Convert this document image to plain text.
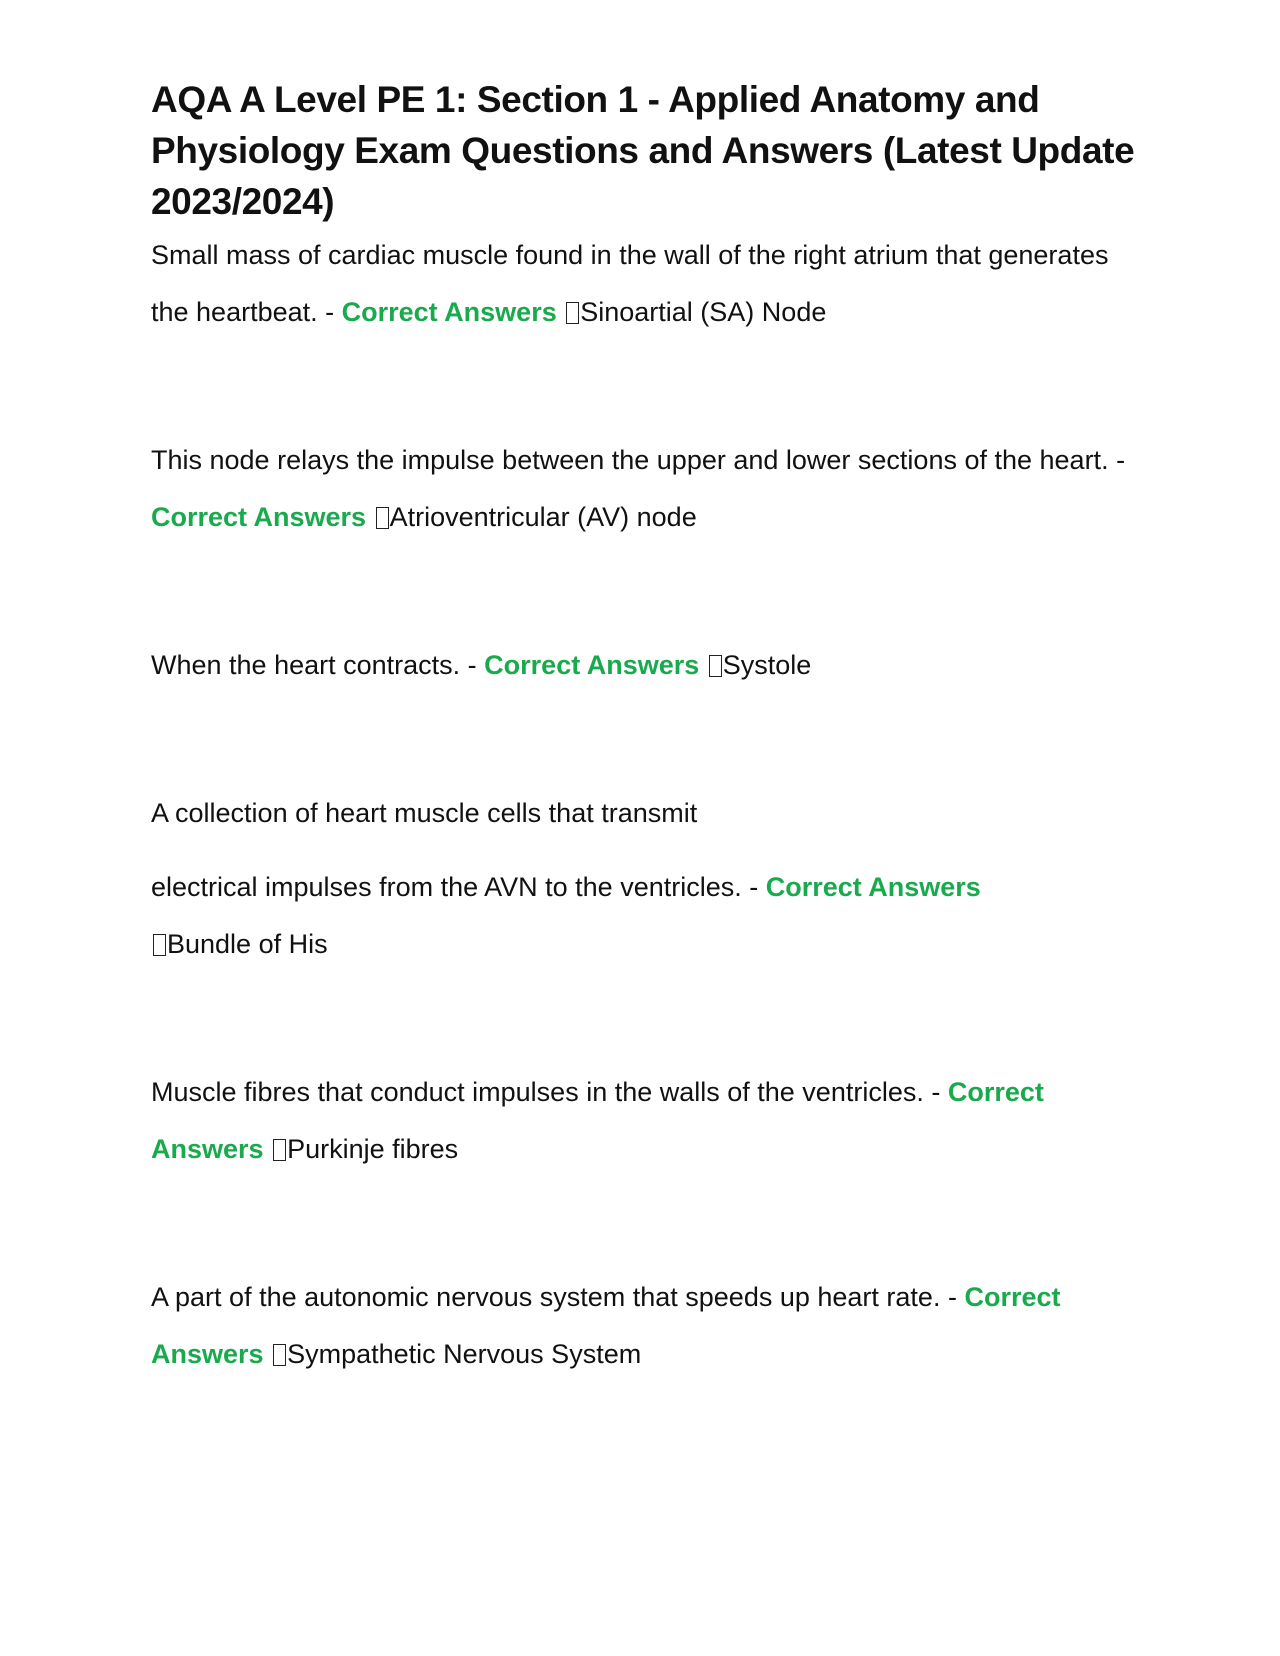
AQA A Level PE 1: Section 1 - Applied Anatomy and Physiology Exam Questions and Answers (Latest Update 2023/2024)

Small mass of cardiac muscle found in the wall of the right atrium that generates the heartbeat. - Correct Answers Sinoartial (SA) Node

This node relays the impulse between the upper and lower sections of the heart. - Correct Answers Atrioventricular (AV) node

When the heart contracts. - Correct Answers Systole

A collection of heart muscle cells that transmit
electrical impulses from the AVN to the ventricles. - Correct Answers
Bundle of His

Muscle fibres that conduct impulses in the walls of the ventricles. - Correct Answers Purkinje fibres

A part of the autonomic nervous system that speeds up heart rate. - Correct Answers Sympathetic Nervous System
